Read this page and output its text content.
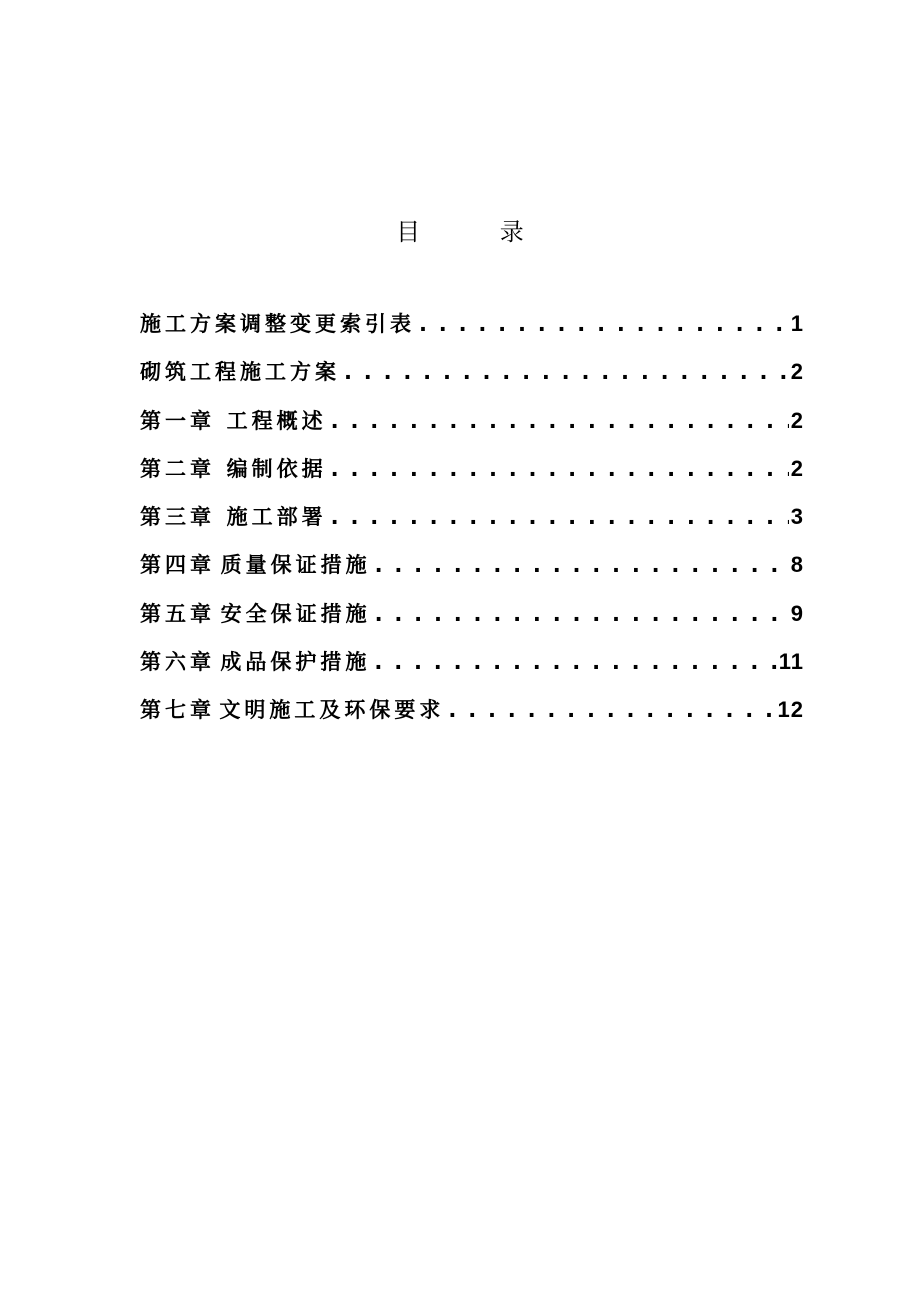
目 录
施工方案调整变更索引表 . . .	1
砌筑工程施工方案 . . .	2
第一章 工程概述 . . .	2
第二章 编制依据 . . .	2
第三章 施工部署 . . .	3
第四章 质量保证措施 . . .	8
第五章 安全保证措施 . . .	9
第六章 成品保护措施 . . .	11
第七章 文明施工及环保要求 . . .	12
